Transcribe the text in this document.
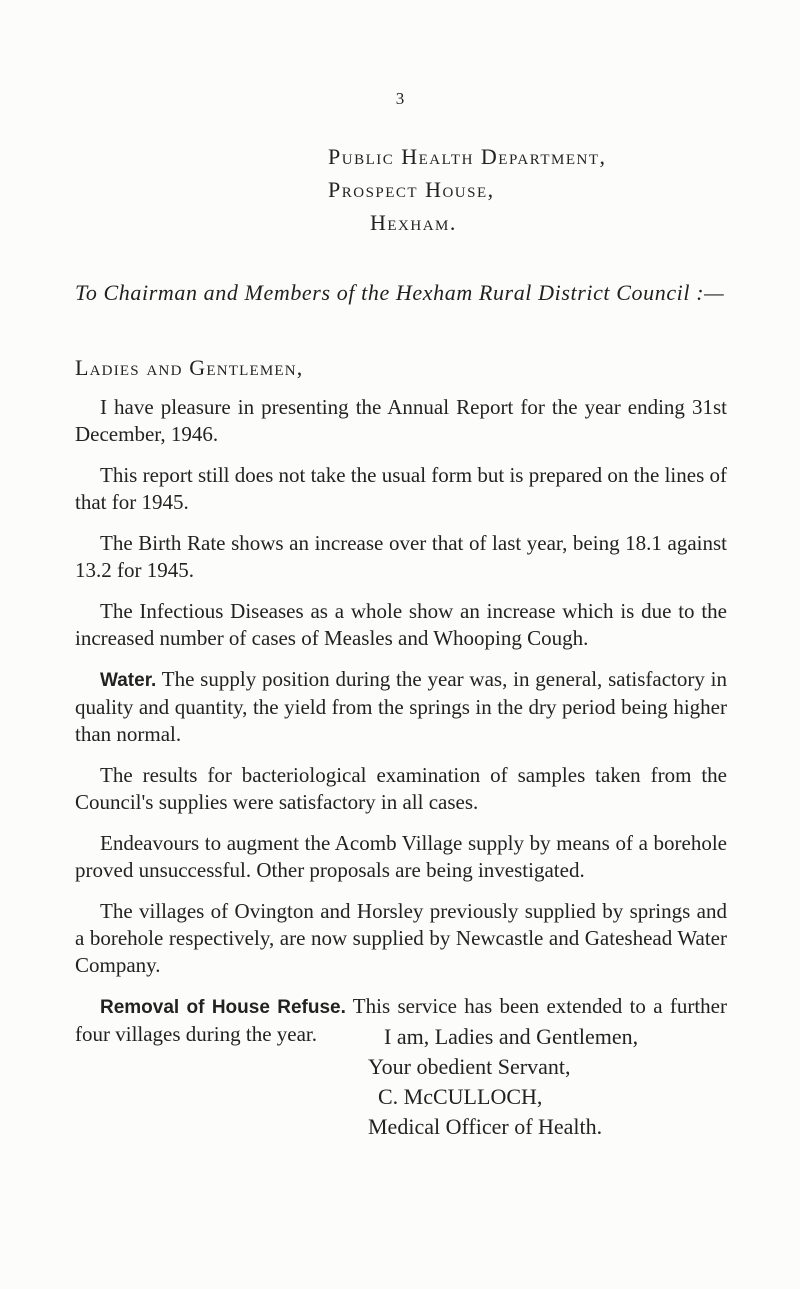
3
Public Health Department,
Prospect House,
Hexham.
To Chairman and Members of the Hexham Rural District Council :—
Ladies and Gentlemen,

I have pleasure in presenting the Annual Report for the year ending 31st December, 1946.

This report still does not take the usual form but is prepared on the lines of that for 1945.

The Birth Rate shows an increase over that of last year, being 18.1 against 13.2 for 1945.

The Infectious Diseases as a whole show an increase which is due to the increased number of cases of Measles and Whooping Cough.

Water. The supply position during the year was, in general, satisfactory in quality and quantity, the yield from the springs in the dry period being higher than normal.

The results for bacteriological examination of samples taken from the Council's supplies were satisfactory in all cases.

Endeavours to augment the Acomb Village supply by means of a borehole proved unsuccessful. Other proposals are being investigated.

The villages of Ovington and Horsley previously supplied by springs and a borehole respectively, are now supplied by Newcastle and Gateshead Water Company.

Removal of House Refuse. This service has been extended to a further four villages during the year.	I am, Ladies and Gentlemen,
Your obedient Servant,
C. McCULLOCH,
Medical Officer of Health.
